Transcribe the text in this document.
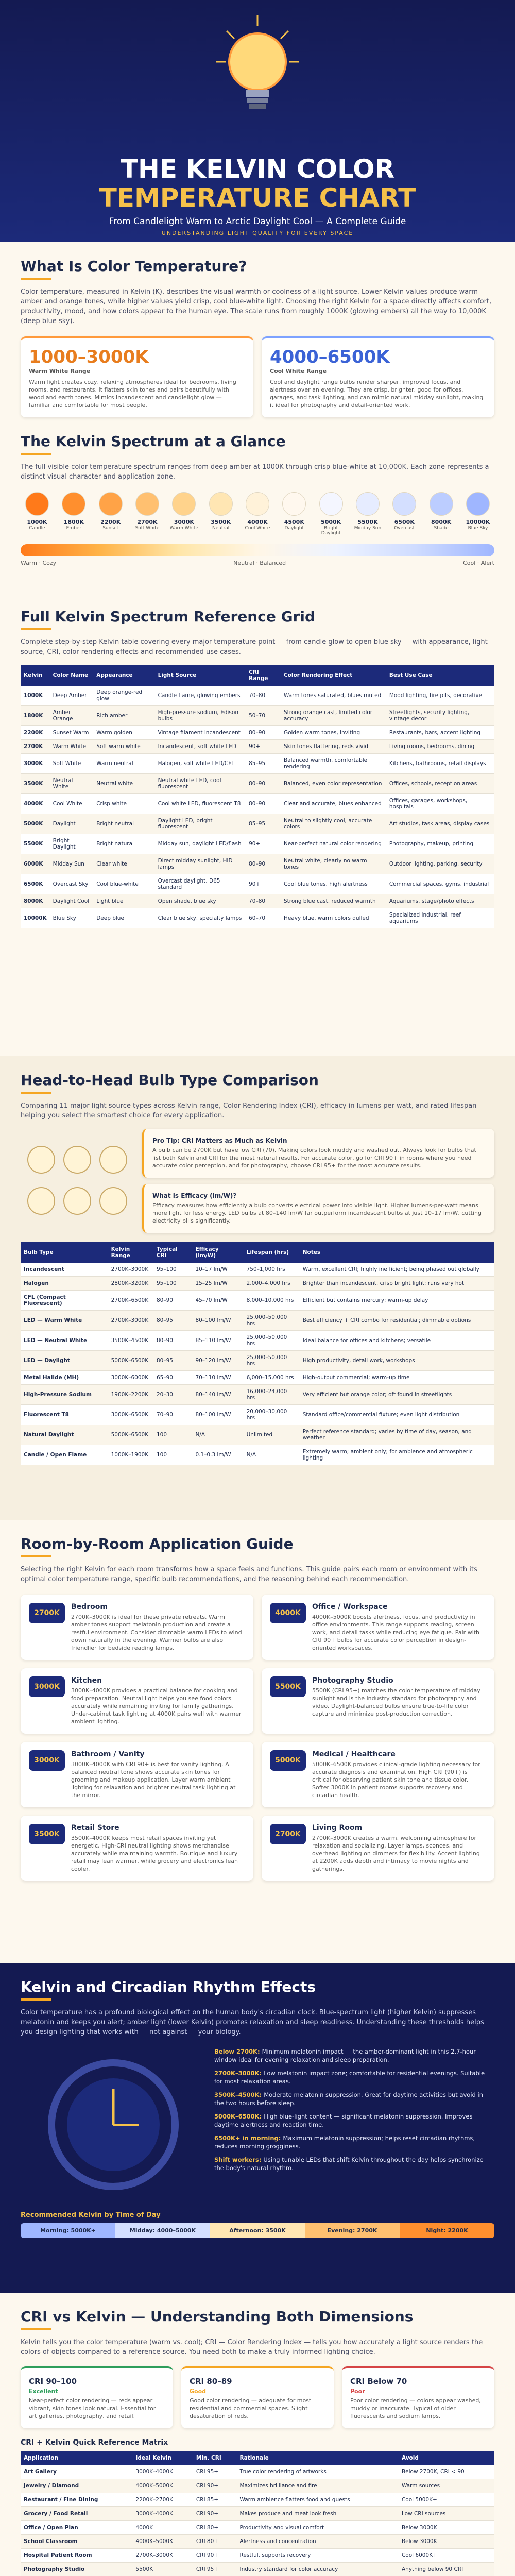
THE KELVIN COLOR
TEMPERATURE CHART
From Candlelight Warm to Arctic Daylight Cool — A Complete Guide
UNDERSTANDING LIGHT QUALITY FOR EVERY SPACE
What Is Color Temperature?

Color temperature, measured in Kelvin (K), describes the visual warmth or coolness of a light source. Lower Kelvin values produce warm amber and orange tones, while higher values yield crisp, cool blue-white light. Choosing the right Kelvin for a space directly affects comfort, productivity, mood, and how colors appear to the human eye. The scale runs from roughly 1000K (glowing embers) all the way to 10,000K (deep blue sky).

1000–3000K
Warm White Range
Warm light creates cozy, relaxing atmospheres ideal for bedrooms, living rooms, and restaurants. It flatters skin tones and pairs beautifully with wood and earth tones. Mimics incandescent and candlelight glow — familiar and comfortable for most people.
4000–6500K
Cool White Range
Cool and daylight range bulbs render sharper, improved focus, and alertness over an evening. They are crisp, brighter, good for offices, garages, and task lighting, and can mimic natural midday sunlight, making it ideal for photography and detail-oriented work.
The Kelvin Spectrum at a Glance

The full visible color temperature spectrum ranges from deep amber at 1000K through crisp blue-white at 10,000K. Each zone represents a distinct visual character and application zone.

1000K
Candle
1800K
Ember
2200K
Sunset
2700K
Soft White
3000K
Warm White
3500K
Neutral
4000K
Cool White
4500K
Daylight
5000K
Bright Daylight
5500K
Midday Sun
6500K
Overcast
8000K
Shade
10000K
Blue Sky
Warm · Cozy	Neutral · Balanced	Cool · Alert
Full Kelvin Spectrum Reference Grid

Complete step-by-step Kelvin table covering every major temperature point — from candle glow to open blue sky — with appearance, light source, CRI, color rendering effects and recommended use cases.

Kelvin	Color Name	Appearance	Light Source	CRI Range	Color Rendering Effect	Best Use Case
1000K	Deep Amber	Deep orange-red glow	Candle flame, glowing embers	70–80	Warm tones saturated, blues muted	Mood lighting, fire pits, decorative
1800K	Amber Orange	Rich amber	High-pressure sodium, Edison bulbs	50–70	Strong orange cast, limited color accuracy	Streetlights, security lighting, vintage decor
2200K	Sunset Warm	Warm golden	Vintage filament incandescent	80–90	Golden warm tones, inviting	Restaurants, bars, accent lighting
2700K	Warm White	Soft warm white	Incandescent, soft white LED	90+	Skin tones flattering, reds vivid	Living rooms, bedrooms, dining
3000K	Soft White	Warm neutral	Halogen, soft white LED/CFL	85–95	Balanced warmth, comfortable rendering	Kitchens, bathrooms, retail displays
3500K	Neutral White	Neutral white	Neutral white LED, cool fluorescent	80–90	Balanced, even color representation	Offices, schools, reception areas
4000K	Cool White	Crisp white	Cool white LED, fluorescent T8	80–90	Clear and accurate, blues enhanced	Offices, garages, workshops, hospitals
5000K	Daylight	Bright neutral	Daylight LED, bright fluorescent	85–95	Neutral to slightly cool, accurate colors	Art studios, task areas, display cases
5500K	Bright Daylight	Bright natural	Midday sun, daylight LED/flash	90+	Near-perfect natural color rendering	Photography, makeup, printing
6000K	Midday Sun	Clear white	Direct midday sunlight, HID lamps	80–90	Neutral white, clearly no warm tones	Outdoor lighting, parking, security
6500K	Overcast Sky	Cool blue-white	Overcast daylight, D65 standard	90+	Cool blue tones, high alertness	Commercial spaces, gyms, industrial
8000K	Daylight Cool	Light blue	Open shade, blue sky	70–80	Strong blue cast, reduced warmth	Aquariums, stage/photo effects
10000K	Blue Sky	Deep blue	Clear blue sky, specialty lamps	60–70	Heavy blue, warm colors dulled	Specialized industrial, reef aquariums
Head-to-Head Bulb Type Comparison

Comparing 11 major light source types across Kelvin range, Color Rendering Index (CRI), efficacy in lumens per watt, and rated lifespan — helping you select the smartest choice for every application.

Pro Tip: CRI Matters as Much as Kelvin
A bulb can be 2700K but have low CRI (70). Making colors look muddy and washed out. Always look for bulbs that list both Kelvin and CRI for the most natural results. For accurate color, go for CRI 90+ in rooms where you need accurate color perception, and for photography, choose CRI 95+ for the most accurate results.
What is Efficacy (lm/W)?
Efficacy measures how efficiently a bulb converts electrical power into visible light. Higher lumens-per-watt means more light for less energy. LED bulbs at 80–140 lm/W far outperform incandescent bulbs at just 10–17 lm/W, cutting electricity bills significantly.
Bulb Type	Kelvin Range	Typical CRI	Efficacy (lm/W)	Lifespan (hrs)	Notes
Incandescent	2700K–3000K	95–100	10–17 lm/W	750–1,000 hrs	Warm, excellent CRI; highly inefficient; being phased out globally
Halogen	2800K–3200K	95–100	15–25 lm/W	2,000–4,000 hrs	Brighter than incandescent, crisp bright light; runs very hot
CFL (Compact Fluorescent)	2700K–6500K	80–90	45–70 lm/W	8,000–10,000 hrs	Efficient but contains mercury; warm-up delay
LED — Warm White	2700K–3000K	80–95	80–100 lm/W	25,000–50,000 hrs	Best efficiency + CRI combo for residential; dimmable options
LED — Neutral White	3500K–4500K	80–90	85–110 lm/W	25,000–50,000 hrs	Ideal balance for offices and kitchens; versatile
LED — Daylight	5000K–6500K	80–95	90–120 lm/W	25,000–50,000 hrs	High productivity, detail work, workshops
Metal Halide (MH)	3000K–6000K	65–90	70–110 lm/W	6,000–15,000 hrs	High-output commercial; warm-up time
High-Pressure Sodium	1900K–2200K	20–30	80–140 lm/W	16,000–24,000 hrs	Very efficient but orange color; oft found in streetlights
Fluorescent T8	3000K–6500K	70–90	80–100 lm/W	20,000–30,000 hrs	Standard office/commercial fixture; even light distribution
Natural Daylight	5000K–6500K	100	N/A	Unlimited	Perfect reference standard; varies by time of day, season, and weather
Candle / Open Flame	1000K–1900K	100	0.1–0.3 lm/W	N/A	Extremely warm; ambient only; for ambience and atmospheric lighting
Room-by-Room Application Guide

Selecting the right Kelvin for each room transforms how a space feels and functions. This guide pairs each room or environment with its optimal color temperature range, specific bulb recommendations, and the reasoning behind each recommendation.

2700K
Bedroom
2700K–3000K is ideal for these private retreats. Warm amber tones support melatonin production and create a restful environment. Consider dimmable warm LEDs to wind down naturally in the evening. Warmer bulbs are also friendlier for bedside reading lamps.
4000K
Office / Workspace
4000K–5000K boosts alertness, focus, and productivity in office environments. This range supports reading, screen work, and detail tasks while reducing eye fatigue. Pair with CRI 90+ bulbs for accurate color perception in design-oriented workspaces.
3000K
Kitchen
3000K–4000K provides a practical balance for cooking and food preparation. Neutral light helps you see food colors accurately while remaining inviting for family gatherings. Under-cabinet task lighting at 4000K pairs well with warmer ambient lighting.
5500K
Photography Studio
5500K (CRI 95+) matches the color temperature of midday sunlight and is the industry standard for photography and video. Daylight-balanced bulbs ensure true-to-life color capture and minimize post-production correction.
3000K
Bathroom / Vanity
3000K–4000K with CRI 90+ is best for vanity lighting. A balanced neutral tone shows accurate skin tones for grooming and makeup application. Layer warm ambient lighting for relaxation and brighter neutral task lighting at the mirror.
5000K
Medical / Healthcare
5000K–6500K provides clinical-grade lighting necessary for accurate diagnosis and examination. High CRI (90+) is critical for observing patient skin tone and tissue color. Softer 3000K in patient rooms supports recovery and circadian health.
3500K
Retail Store
3500K–4000K keeps most retail spaces inviting yet energetic. High-CRI neutral lighting shows merchandise accurately while maintaining warmth. Boutique and luxury retail may lean warmer, while grocery and electronics lean cooler.
2700K
Living Room
2700K–3000K creates a warm, welcoming atmosphere for relaxation and socializing. Layer lamps, sconces, and overhead lighting on dimmers for flexibility. Accent lighting at 2200K adds depth and intimacy to movie nights and gatherings.
Kelvin and Circadian Rhythm Effects

Color temperature has a profound biological effect on the human body's circadian clock. Blue-spectrum light (higher Kelvin) suppresses melatonin and keeps you alert; amber light (lower Kelvin) promotes relaxation and sleep readiness. Understanding these thresholds helps you design lighting that works with — not against — your biology.

Below 2700K: Minimum melatonin impact — the amber-dominant light in this 2.7-hour window ideal for evening relaxation and sleep preparation.
2700K–3000K: Low melatonin impact zone; comfortable for residential evenings. Suitable for most relaxation areas.
3500K–4500K: Moderate melatonin suppression. Great for daytime activities but avoid in the two hours before sleep.
5000K–6500K: High blue-light content — significant melatonin suppression. Improves daytime alertness and reaction time.
6500K+ in morning: Maximum melatonin suppression; helps reset circadian rhythms, reduces morning grogginess.
Shift workers: Using tunable LEDs that shift Kelvin throughout the day helps synchronize the body's natural rhythm.
Recommended Kelvin by Time of Day
Morning: 5000K+	Midday: 4000–5000K	Afternoon: 3500K	Evening: 2700K	Night: 2200K
CRI vs Kelvin — Understanding Both Dimensions

Kelvin tells you the color temperature (warm vs. cool); CRI — Color Rendering Index — tells you how accurately a light source renders the colors of objects compared to a reference source. You need both to make a truly informed lighting choice.

CRI 90–100
Excellent
Near-perfect color rendering — reds appear vibrant, skin tones look natural. Essential for art galleries, photography, and retail.
CRI 80–89
Good
Good color rendering — adequate for most residential and commercial spaces. Slight desaturation of reds.
CRI Below 70
Poor
Poor color rendering — colors appear washed, muddy or inaccurate. Typical of older fluorescents and sodium lamps.
CRI + Kelvin Quick Reference Matrix
Application	Ideal Kelvin	Min. CRI	Rationale	Avoid
Art Gallery	3000K–4000K	CRI 95+	True color rendering of artworks	Below 2700K, CRI < 90
Jewelry / Diamond	4000K–5000K	CRI 90+	Maximizes brilliance and fire	Warm sources
Restaurant / Fine Dining	2200K–2700K	CRI 85+	Warm ambience flatters food and guests	Cool 5000K+
Grocery / Food Retail	3000K–4000K	CRI 90+	Makes produce and meat look fresh	Low CRI sources
Office / Open Plan	4000K	CRI 80+	Productivity and visual comfort	Below 3000K
School Classroom	4000K–5000K	CRI 80+	Alertness and concentration	Below 3000K
Hospital Patient Room	2700K–3000K	CRI 90+	Restful, supports recovery	Cool 6000K+
Photography Studio	5500K	CRI 95+	Industry standard for color accuracy	Anything below 90 CRI
